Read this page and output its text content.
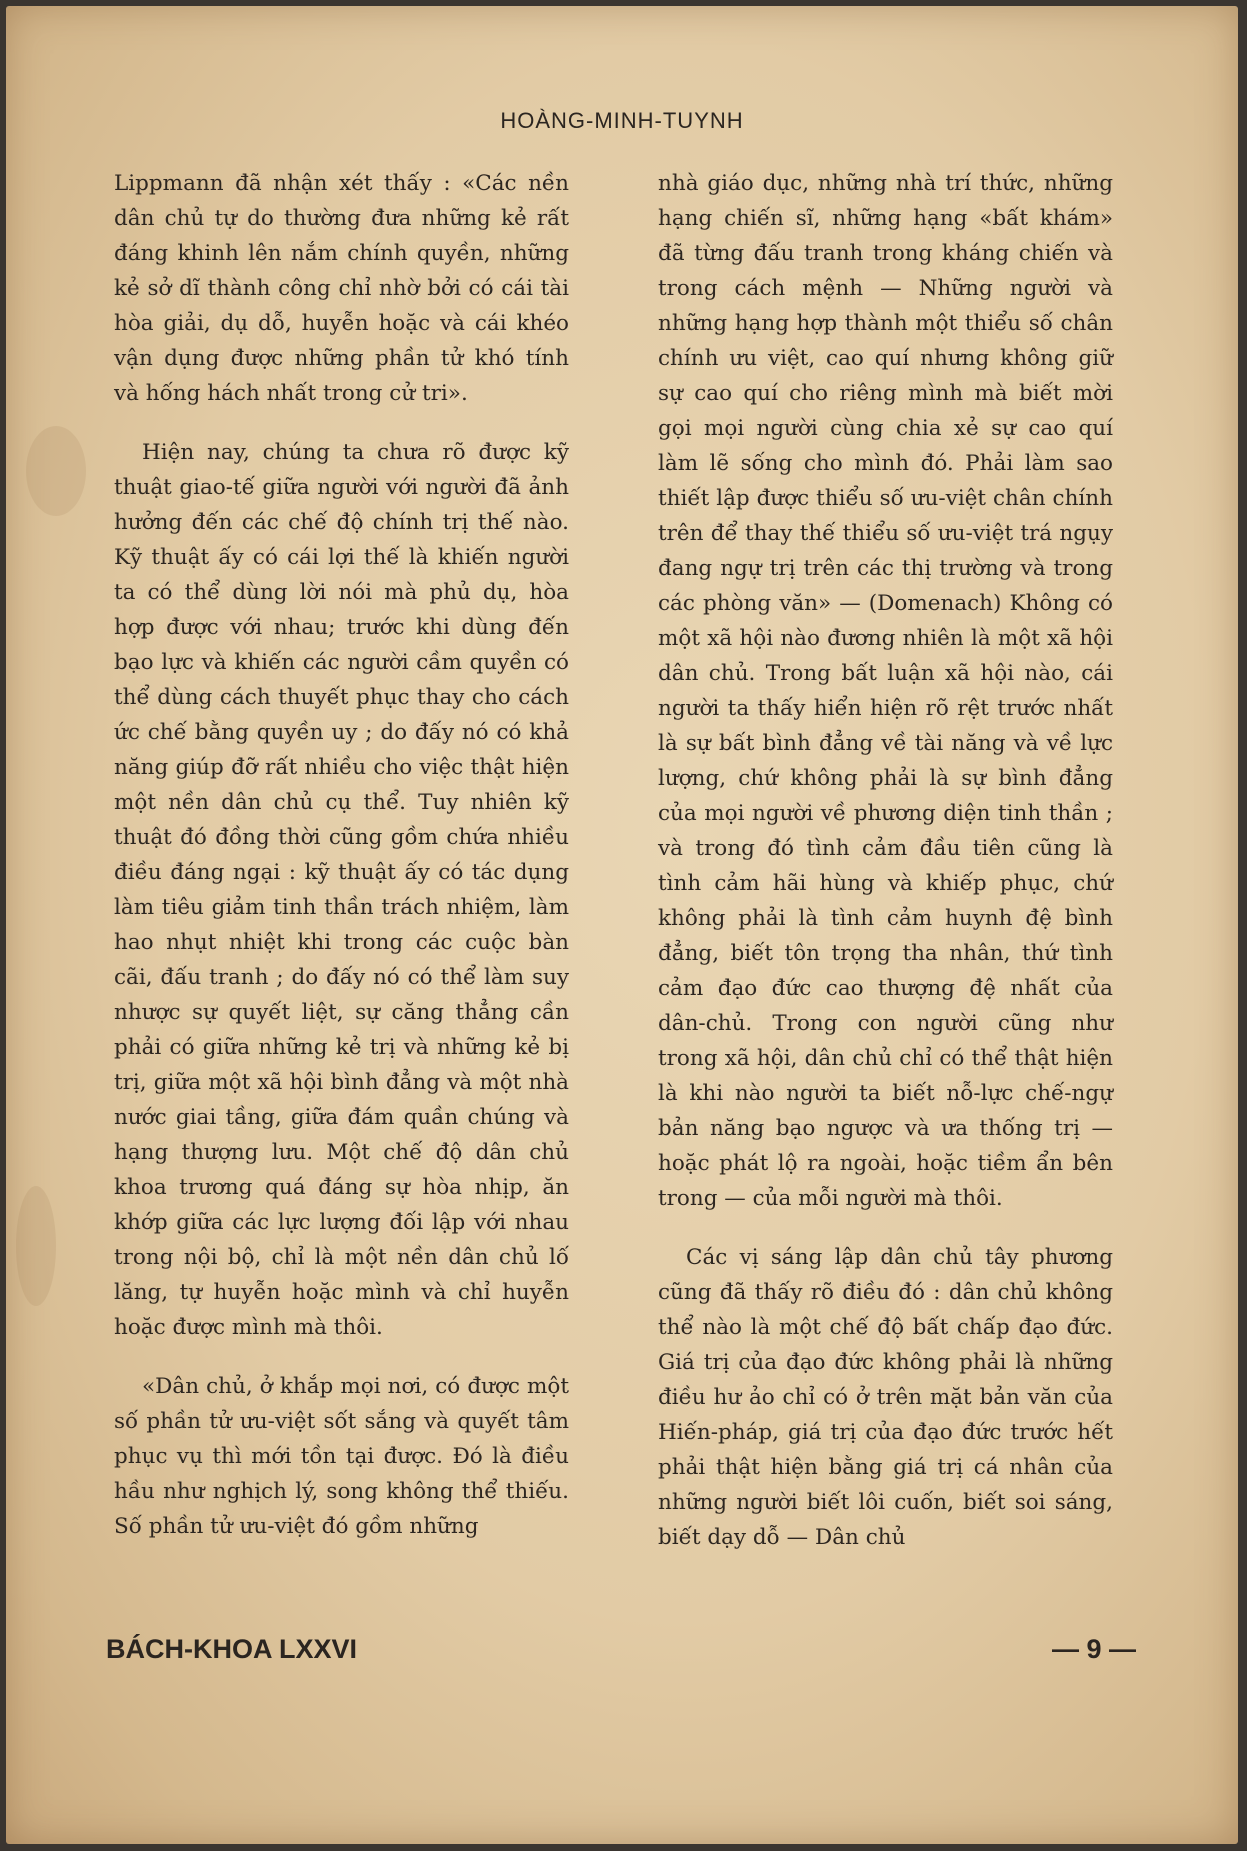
HOÀNG-MINH-TUYNH

Lippmann đã nhận xét thấy : «Các nền dân chủ tự do thường đưa những kẻ rất đáng khinh lên nắm chính quyền, những kẻ sở dĩ thành công chỉ nhờ bởi có cái tài hòa giải, dụ dỗ, huyễn hoặc và cái khéo vận dụng được những phần tử khó tính và hống hách nhất trong cử tri».

Hiện nay, chúng ta chưa rõ được kỹ thuật giao-tế giữa người với người đã ảnh hưởng đến các chế độ chính trị thế nào. Kỹ thuật ấy có cái lợi thế là khiến người ta có thể dùng lời nói mà phủ dụ, hòa hợp được với nhau; trước khi dùng đến bạo lực và khiến các người cầm quyền có thể dùng cách thuyết phục thay cho cách ức chế bằng quyền uy ; do đấy nó có khả năng giúp đỡ rất nhiều cho việc thật hiện một nền dân chủ cụ thể. Tuy nhiên kỹ thuật đó đồng thời cũng gồm chứa nhiều điều đáng ngại : kỹ thuật ấy có tác dụng làm tiêu giảm tinh thần trách nhiệm, làm hao nhụt nhiệt khi trong các cuộc bàn cãi, đấu tranh ; do đấy nó có thể làm suy nhược sự quyết liệt, sự căng thẳng cần phải có giữa những kẻ trị và những kẻ bị trị, giữa một xã hội bình đẳng và một nhà nước giai tầng, giữa đám quần chúng và hạng thượng lưu. Một chế độ dân chủ khoa trương quá đáng sự hòa nhịp, ăn khớp giữa các lực lượng đối lập với nhau trong nội bộ, chỉ là một nền dân chủ lố lăng, tự huyễn hoặc mình và chỉ huyễn hoặc được mình mà thôi.

«Dân chủ, ở khắp mọi nơi, có được một số phần tử ưu-việt sốt sắng và quyết tâm phục vụ thì mới tồn tại được. Đó là điều hầu như nghịch lý, song không thể thiếu. Số phần tử ưu-việt đó gồm những

nhà giáo dục, những nhà trí thức, những hạng chiến sĩ, những hạng «bất khám» đã từng đấu tranh trong kháng chiến và trong cách mệnh — Những người và những hạng hợp thành một thiểu số chân chính ưu việt, cao quí nhưng không giữ sự cao quí cho riêng mình mà biết mời gọi mọi người cùng chia xẻ sự cao quí làm lẽ sống cho mình đó. Phải làm sao thiết lập được thiểu số ưu-việt chân chính trên để thay thế thiểu số ưu-việt trá ngụy đang ngự trị trên các thị trường và trong các phòng văn» — (Domenach) Không có một xã hội nào đương nhiên là một xã hội dân chủ. Trong bất luận xã hội nào, cái người ta thấy hiển hiện rõ rệt trước nhất là sự bất bình đẳng về tài năng và về lực lượng, chứ không phải là sự bình đẳng của mọi người về phương diện tinh thần ; và trong đó tình cảm đầu tiên cũng là tình cảm hãi hùng và khiếp phục, chứ không phải là tình cảm huynh đệ bình đẳng, biết tôn trọng tha nhân, thứ tình cảm đạo đức cao thượng đệ nhất của dân-chủ. Trong con người cũng như trong xã hội, dân chủ chỉ có thể thật hiện là khi nào người ta biết nỗ-lực chế-ngự bản năng bạo ngược và ưa thống trị — hoặc phát lộ ra ngoài, hoặc tiềm ẩn bên trong — của mỗi người mà thôi.

Các vị sáng lập dân chủ tây phương cũng đã thấy rõ điều đó : dân chủ không thể nào là một chế độ bất chấp đạo đức. Giá trị của đạo đức không phải là những điều hư ảo chỉ có ở trên mặt bản văn của Hiến-pháp, giá trị của đạo đức trước hết phải thật hiện bằng giá trị cá nhân của những người biết lôi cuốn, biết soi sáng, biết dạy dỗ — Dân chủ

BÁCH-KHOA LXXVI	— 9 —
